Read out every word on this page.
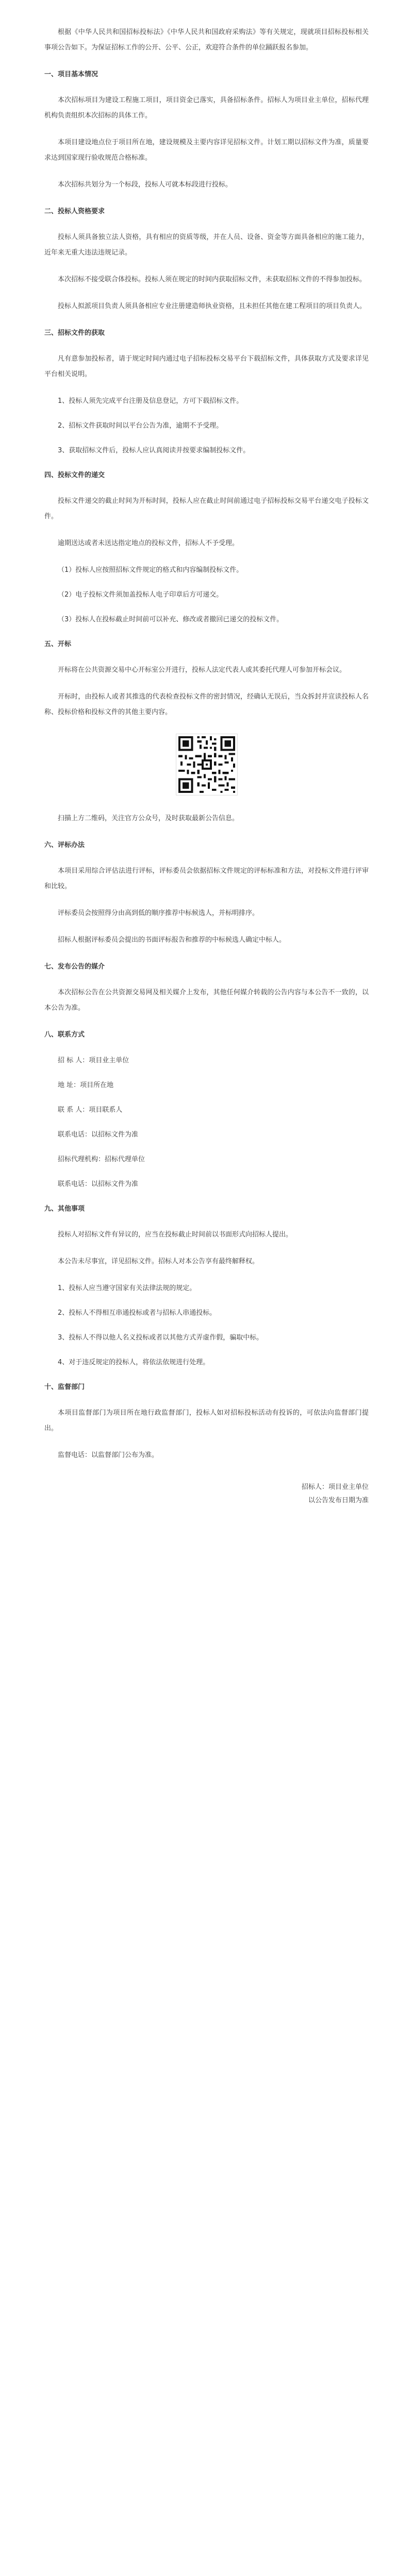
根据《中华人民共和国招标投标法》《中华人民共和国政府采购法》等有关规定，现就项目招标投标相关事项公告如下。为保证招标工作的公开、公平、公正，欢迎符合条件的单位踊跃报名参加。

一、项目基本情况

本次招标项目为建设工程施工项目，项目资金已落实，具备招标条件。招标人为项目业主单位，招标代理机构负责组织本次招标的具体工作。

本项目建设地点位于项目所在地，建设规模及主要内容详见招标文件。计划工期以招标文件为准，质量要求达到国家现行验收规范合格标准。

本次招标共划分为一个标段，投标人可就本标段进行投标。

二、投标人资格要求

投标人须具备独立法人资格，具有相应的资质等级，并在人员、设备、资金等方面具备相应的施工能力，近年来无重大违法违规记录。

本次招标不接受联合体投标。投标人须在规定的时间内获取招标文件，未获取招标文件的不得参加投标。

投标人拟派项目负责人须具备相应专业注册建造师执业资格，且未担任其他在建工程项目的项目负责人。

三、招标文件的获取

凡有意参加投标者，请于规定时间内通过电子招标投标交易平台下载招标文件，具体获取方式及要求详见平台相关说明。

1、投标人须先完成平台注册及信息登记，方可下载招标文件。

2、招标文件获取时间以平台公告为准，逾期不予受理。

3、获取招标文件后，投标人应认真阅读并按要求编制投标文件。

四、投标文件的递交

投标文件递交的截止时间为开标时间，投标人应在截止时间前通过电子招标投标交易平台递交电子投标文件。

逾期送达或者未送达指定地点的投标文件，招标人不予受理。

（1）投标人应按照招标文件规定的格式和内容编制投标文件。

（2）电子投标文件须加盖投标人电子印章后方可递交。

（3）投标人在投标截止时间前可以补充、修改或者撤回已递交的投标文件。

五、开标

开标将在公共资源交易中心开标室公开进行，投标人法定代表人或其委托代理人可参加开标会议。

开标时，由投标人或者其推选的代表检查投标文件的密封情况，经确认无误后，当众拆封并宣读投标人名称、投标价格和投标文件的其他主要内容。

扫描上方二维码，关注官方公众号，及时获取最新公告信息。

六、评标办法

本项目采用综合评估法进行评标，评标委员会依据招标文件规定的评标标准和方法，对投标文件进行评审和比较。

评标委员会按照得分由高到低的顺序推荐中标候选人，并标明排序。

招标人根据评标委员会提出的书面评标报告和推荐的中标候选人确定中标人。

七、发布公告的媒介

本次招标公告在公共资源交易网及相关媒介上发布，其他任何媒介转载的公告内容与本公告不一致的，以本公告为准。

八、联系方式

招 标 人：项目业主单位

地 址：项目所在地

联 系 人：项目联系人

联系电话：以招标文件为准

招标代理机构：招标代理单位

联系电话：以招标文件为准

九、其他事项

投标人对招标文件有异议的，应当在投标截止时间前以书面形式向招标人提出。

本公告未尽事宜，详见招标文件。招标人对本公告享有最终解释权。

1、投标人应当遵守国家有关法律法规的规定。

2、投标人不得相互串通投标或者与招标人串通投标。

3、投标人不得以他人名义投标或者以其他方式弄虚作假，骗取中标。

4、对于违反规定的投标人，将依法依规进行处理。

十、监督部门

本项目监督部门为项目所在地行政监督部门，投标人如对招标投标活动有投诉的，可依法向监督部门提出。

监督电话：以监督部门公布为准。

招标人：项目业主单位
以公告发布日期为准
